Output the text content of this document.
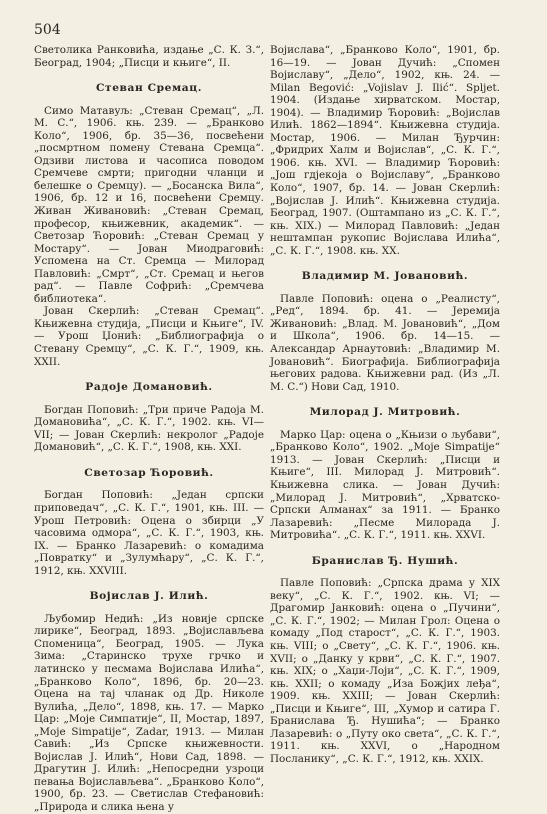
504

Светолика Ранковића, издање „С. К. З.“, Београд, 1904; „Писци и књиге“, II.

Стеван Сремац.

Симо Матавуљ: „Стеван Сремац“, „Л. М. С.“, 1906. књ. 239. — „Бранково Коло“, 1906, бр. 35—36, посвећени „посмртном помену Стевана Сремца“. Одзиви листова и часописа поводом Сремчеве смрти; пригодни чланци и белешке о Сремцу). — „Босанска Вила“, 1906, бр. 12 и 16, посвећени Сремцу. Живан Живановић: „Стеван Сремац, професор, књижевник, академик“. — Светозар Ћоровић: „Стеван Сремац у Мостару“. — Јован Миодраговић: Успомена на Ст. Сремца — Милорад Павловић: „Смрт“, „Ст. Сремац и његов рад“. — Павле Софрић: „Сремчева библиотека“.

Јован Скерлић: „Стеван Сремац“. Књижевна студија, „Писци и Књиге“, IV. — Урош Џонић: „Библиографија о Стевану Сремцу“, „С. К. Г.“, 1909, књ. XXII.

Радоје Домановић.

Богдан Поповић: „Три приче Радоја М. Домановића“, „С. К. Г.“, 1902. књ. VI—VII; — Јован Скерлић: некролог „Радоје Домановић“, „С. К. Г.“, 1908, књ. XXI.

Светозар Ћоровић.

Богдан Поповић: „Један српски приповедач“, „С. К. Г.“, 1901, књ. III. — Урош Петровић: Оцена о збирци „У часовима одмора“, „С. К. Г.“, 1903, књ. IX. — Бранко Лазаревић: о комадима „Повратку“ и „Зулумћару“, „С. К. Г.“, 1912, књ. XXVIII.

Војислав Ј. Илић.

Љубомир Недић: „Из новије српске лирике“, Београд, 1893. „Војислављева Споменица“, Београд, 1905. — Лука Зима: „Старинско трухе грчко и латинско у песмама Војислава Илића“, „Бранково Коло“, 1896, бр. 20—23. Оцена на тај чланак од Др. Николе Вулића, „Дело“, 1898, књ. 17. — Марко Цар: „Моје Симпатије“, II, Мостар, 1897, „Моје Simpatije“, Zadar, 1913. — Милан Савић: „Из Српске књижевности. Војислав Ј. Илић“, Нови Сад, 1898. — Драгутин Ј. Илић: „Непосредни узроци певања Војислављева“. „Бранково Коло“, 1900, бр. 23. — Светислав Стефановић: „Природа и слика њена у

Војислава“, „Бранково Коло“, 1901, бр. 16—19. — Јован Дучић: „Спомен Војиславу“, „Дело“, 1902, књ. 24. — Milan Begović: „Vojislav J. Ilić“. Spljet. 1904. (Издање хирватском. Мостар, 1904). — Владимир Ћоровић: „Војислав Илић. 1862—1894“. Књижевна студија. Мостар, 1906. — Милан Ђурчин: „Фридрих Халм и Војислав“, „С. К. Г.“, 1906. књ. XVI. — Владимир Ћоровић: „Још гдјекоја о Војиславу“, „Бранково Коло“, 1907, бр. 14. — Јован Скерлић: „Војислав Ј. Илић“. Књижевна студија. Београд, 1907. (Оштампано из „С. К. Г.“, књ. XIX.) — Милорад Павловић: „Један нештампан рукопис Војислава Илића“, „С. К. Г.“, 1908. књ. XX.

Владимир М. Јовановић.

Павле Поповић: оцена о „Реалисту“, „Ред“, 1894. бр. 41. — Јеремија Живановић: „Влад. М. Јовановић“, „Дом и Школа“, 1906. бр. 14—15. — Александар Арнаутовић: „Владимир М. Јовановић“. Биографија. Библиографија његових радова. Књижевни рад. (Из „Л. М. С.“) Нови Сад, 1910.

Милорад Ј. Митровић.

Марко Цар: оцена о „Књизи о љубави“, „Бранково Коло“, 1902. „Моје Simpatije“ 1913. — Јован Скерлић: „Писци и Књиге“, III. Милорад Ј. Митровић“. Књижевна слика. — Јован Дучић: „Милорад Ј. Митровић“, „Хрватско-Српски Алманах“ за 1911. — Бранко Лазаревић: „Песме Милорада Ј. Митровића“. „С. К. Г.“, 1911. књ. XXVI.

Бранислав Ђ. Нушић.

Павле Поповић: „Српска драма у XIX веку“, „С. К. Г.“, 1902. књ. VI; — Драгомир Јанковић: оцена о „Пучини“, „С. К. Г.“, 1902; — Милан Грол: Оцена о комаду „Под старост“, „С. К. Г.“, 1903. књ. VIII; о „Свету“, „С. К. Г.“, 1906. књ. XVII; о „Данку у крви“, „С. К. Г.“, 1907. књ. XIX; о „Хаџи-Лоји“, „С. К. Г.“, 1909, књ. XXII; о комаду „Иза Божјих леђа“, 1909. књ. XXIII; — Јован Скерлић: „Писци и Књиге“, III, „Хумор и сатира Г. Бранислава Ђ. Нушића“; — Бранко Лазаревић: о „Путу око света“, „С. К. Г.“, 1911. књ. XXVI, о „Народном Посланику“, „С. К. Г.“, 1912, књ. XXIX.
